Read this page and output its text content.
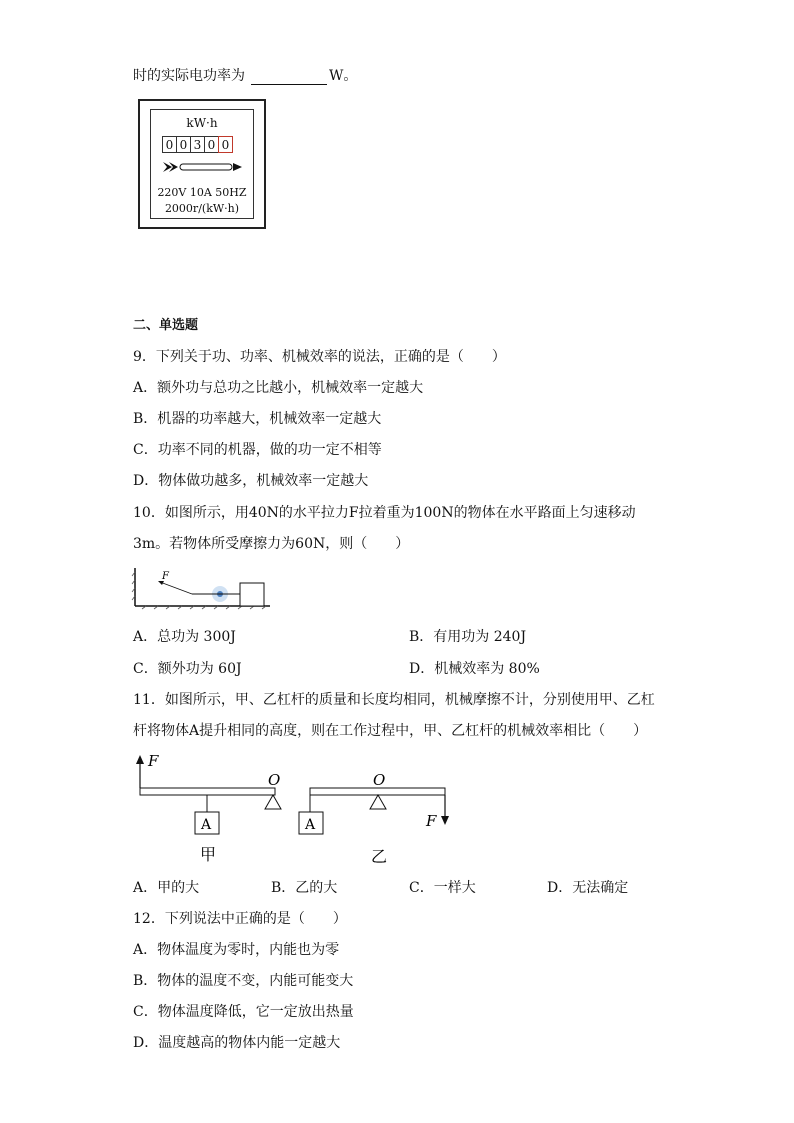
时的实际电功率为	W。
kW·h
0 0 3 0 0
220V 10A 50HZ
2000r/(kW·h)
二、单选题
9．下列关于功、功率、机械效率的说法，正确的是（　　）
A．额外功与总功之比越小，机械效率一定越大
B．机器的功率越大，机械效率一定越大
C．功率不同的机器，做的功一定不相等
D．物体做功越多，机械效率一定越大
10．如图所示，用40N的水平拉力F拉着重为100N的物体在水平路面上匀速移动
3m。若物体所受摩擦力为60N，则（　　）
F
A．总功为 300J	B．有用功为 240J
C．额外功为 60J	D．机械效率为 80%
11．如图所示，甲、乙杠杆的质量和长度均相同，机械摩擦不计，分别使用甲、乙杠
杆将物体A提升相同的高度，则在工作过程中，甲、乙杠杆的机械效率相比（　　）
F
O
A
甲
O
A	F
乙
A．甲的大	B．乙的大	C．一样大	D．无法确定
12．下列说法中正确的是（　　）
A．物体温度为零时，内能也为零
B．物体的温度不变，内能可能变大
C．物体温度降低，它一定放出热量
D．温度越高的物体内能一定越大
